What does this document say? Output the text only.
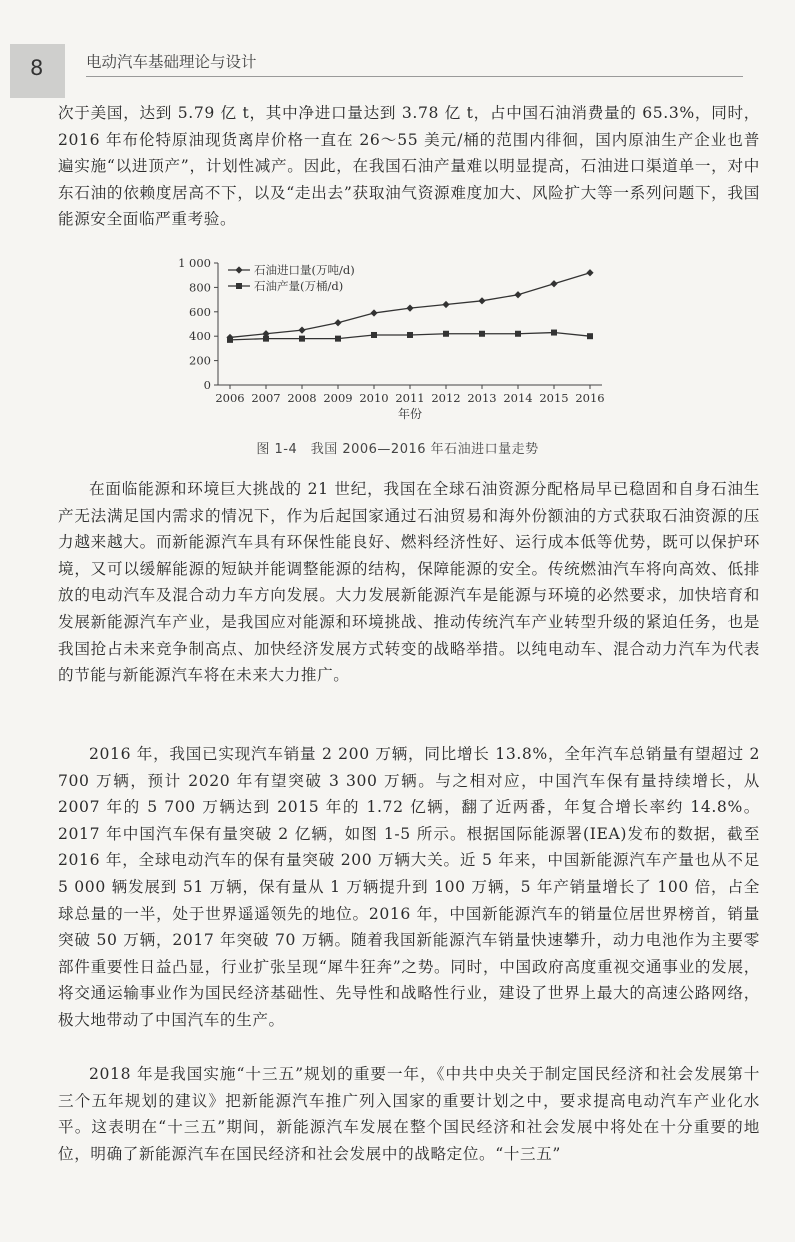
8	电动汽车基础理论与设计

次于美国，达到 5.79 亿 t，其中净进口量达到 3.78 亿 t，占中国石油消费量的 65.3%，同时，2016 年布伦特原油现货离岸价格一直在 26～55 美元/桶的范围内徘徊，国内原油生产企业也普遍实施“以进顶产”，计划性减产。因此，在我国石油产量难以明显提高，石油进口渠道单一，对中东石油的依赖度居高不下，以及“走出去”获取油气资源难度加大、风险扩大等一系列问题下，我国能源安全面临严重考验。

0
200
400
600
800
1 000
2006 2007 2008 2009 2010 2011 2012 2013 2014 2015 2016
年份
石油进口量(万吨/d)
石油产量(万桶/d)
图 1-4　我国 2006—2016 年石油进口量走势

在面临能源和环境巨大挑战的 21 世纪，我国在全球石油资源分配格局早已稳固和自身石油生产无法满足国内需求的情况下，作为后起国家通过石油贸易和海外份额油的方式获取石油资源的压力越来越大。而新能源汽车具有环保性能良好、燃料经济性好、运行成本低等优势，既可以保护环境，又可以缓解能源的短缺并能调整能源的结构，保障能源的安全。传统燃油汽车将向高效、低排放的电动汽车及混合动力车方向发展。大力发展新能源汽车是能源与环境的必然要求，加快培育和发展新能源汽车产业，是我国应对能源和环境挑战、推动传统汽车产业转型升级的紧迫任务，也是我国抢占未来竞争制高点、加快经济发展方式转变的战略举措。以纯电动车、混合动力汽车为代表的节能与新能源汽车将在未来大力推广。

2016 年，我国已实现汽车销量 2 200 万辆，同比增长 13.8%，全年汽车总销量有望超过 2 700 万辆，预计 2020 年有望突破 3 300 万辆。与之相对应，中国汽车保有量持续增长，从 2007 年的 5 700 万辆达到 2015 年的 1.72 亿辆，翻了近两番，年复合增长率约 14.8%。2017 年中国汽车保有量突破 2 亿辆，如图 1-5 所示。根据国际能源署(IEA)发布的数据，截至 2016 年，全球电动汽车的保有量突破 200 万辆大关。近 5 年来，中国新能源汽车产量也从不足 5 000 辆发展到 51 万辆，保有量从 1 万辆提升到 100 万辆，5 年产销量增长了 100 倍，占全球总量的一半，处于世界遥遥领先的地位。2016 年，中国新能源汽车的销量位居世界榜首，销量突破 50 万辆，2017 年突破 70 万辆。随着我国新能源汽车销量快速攀升，动力电池作为主要零部件重要性日益凸显，行业扩张呈现“犀牛狂奔”之势。同时，中国政府高度重视交通事业的发展，将交通运输事业作为国民经济基础性、先导性和战略性行业，建设了世界上最大的高速公路网络，极大地带动了中国汽车的生产。

2018 年是我国实施“十三五”规划的重要一年，《中共中央关于制定国民经济和社会发展第十三个五年规划的建议》把新能源汽车推广列入国家的重要计划之中，要求提高电动汽车产业化水平。这表明在“十三五”期间，新能源汽车发展在整个国民经济和社会发展中将处在十分重要的地位，明确了新能源汽车在国民经济和社会发展中的战略定位。“十三五”
